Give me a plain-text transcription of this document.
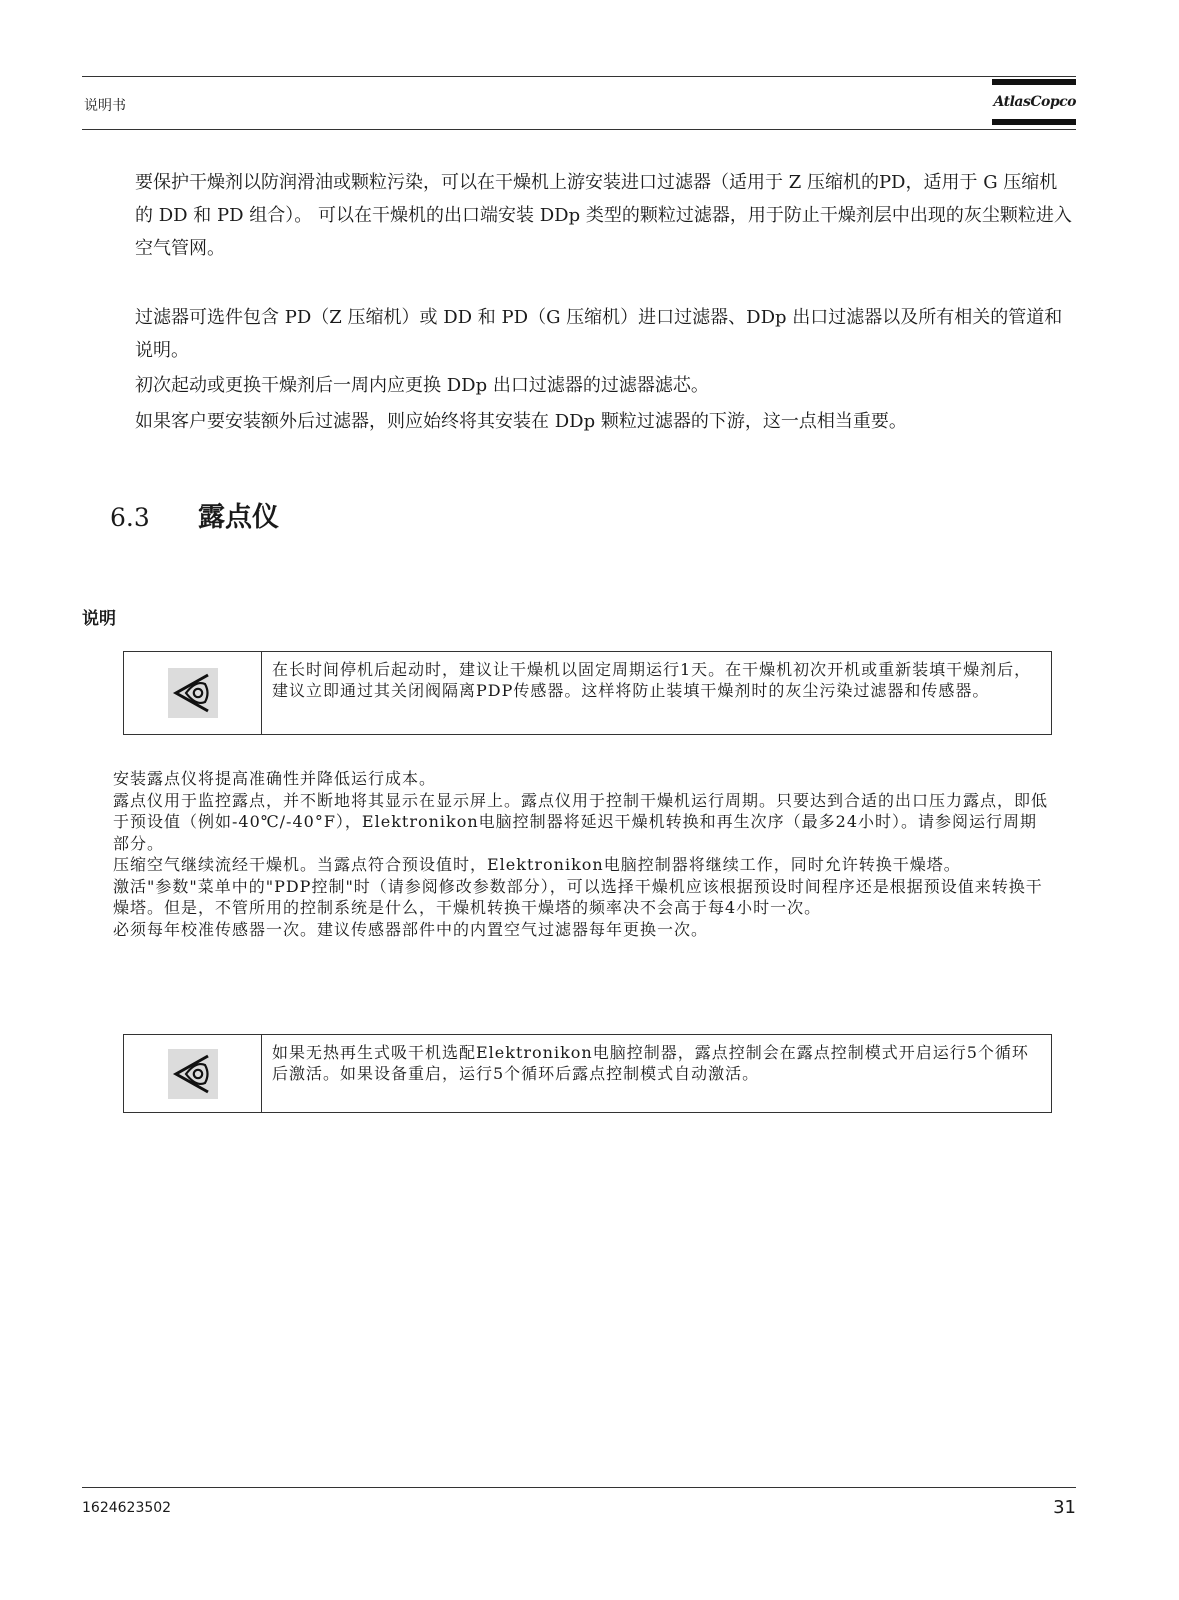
说明书	AtlasCopco

要保护干燥剂以防润滑油或颗粒污染，可以在干燥机上游安装进口过滤器（适用于 Z 压缩机的PD，适用于 G 压缩机的 DD 和 PD 组合）。 可以在干燥机的出口端安装 DDp 类型的颗粒过滤器，用于防止干燥剂层中出现的灰尘颗粒进入空气管网。

过滤器可选件包含 PD（Z 压缩机）或 DD 和 PD（G 压缩机）进口过滤器、DDp 出口过滤器以及所有相关的管道和说明。

初次起动或更换干燥剂后一周内应更换 DDp 出口过滤器的过滤器滤芯。

如果客户要安装额外后过滤器，则应始终将其安装在 DDp 颗粒过滤器的下游，这一点相当重要。

6.3 露点仪
说明
在长时间停机后起动时，建议让干燥机以固定周期运行1天。在干燥机初次开机或重新装填干燥剂后，建议立即通过其关闭阀隔离PDP传感器。这样将防止装填干燥剂时的灰尘污染过滤器和传感器。

安装露点仪将提高准确性并降低运行成本。

露点仪用于监控露点，并不断地将其显示在显示屏上。露点仪用于控制干燥机运行周期。只要达到合适的出口压力露点，即低于预设值（例如-40℃/-40°F），Elektronikon电脑控制器将延迟干燥机转换和再生次序（最多24小时）。请参阅运行周期部分。

压缩空气继续流经干燥机。当露点符合预设值时，Elektronikon电脑控制器将继续工作，同时允许转换干燥塔。

激活"参数"菜单中的"PDP控制"时（请参阅修改参数部分），可以选择干燥机应该根据预设时间程序还是根据预设值来转换干燥塔。但是，不管所用的控制系统是什么，干燥机转换干燥塔的频率决不会高于每4小时一次。

必须每年校准传感器一次。建议传感器部件中的内置空气过滤器每年更换一次。

如果无热再生式吸干机选配Elektronikon电脑控制器，露点控制会在露点控制模式开启运行5个循环后激活。如果设备重启，运行5个循环后露点控制模式自动激活。
1624623502	31
